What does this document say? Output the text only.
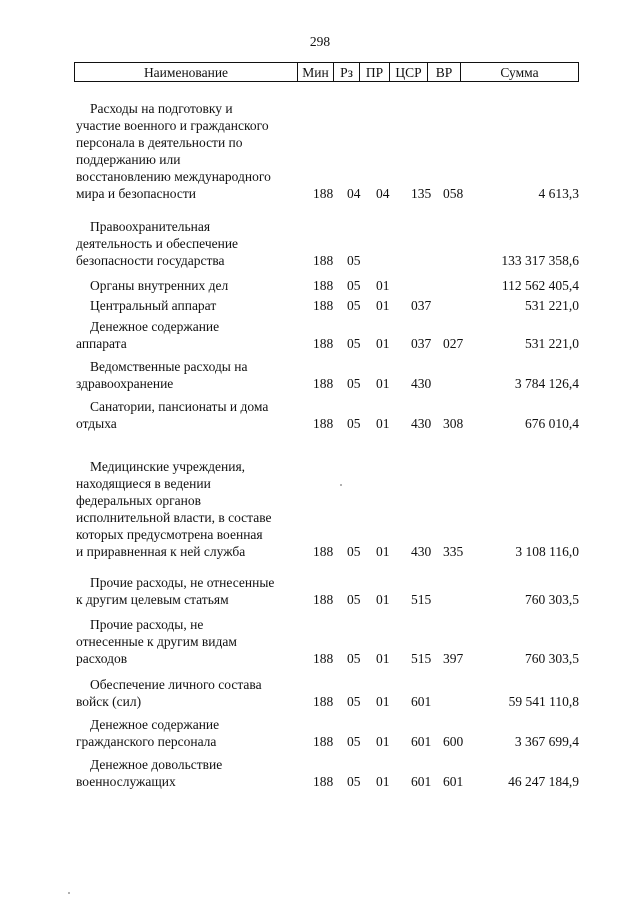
298
Наименование	Мин Рз ПР ЦСР	ВР	Сумма
Расходы на подготовку и
участие военного и гражданского
персонала в деятельности по
поддержанию или
восстановлению международного
мира и безопасности	188 04 04 135 058	4 613,3
Правоохранительная
деятельность и обеспечение
безопасности государства	188 05	133 317 358,6
Органы внутренних дел	188 05 01	112 562 405,4
Центральный аппарат	188 05 01 037	531 221,0
Денежное содержание
аппарата	188 05 01 037 027	531 221,0
Ведомственные расходы на
здравоохранение	188 05 01 430	3 784 126,4
Санатории, пансионаты и дома
отдыха	188 05 01 430 308	676 010,4
Медицинские учреждения,
находящиеся в ведении
федеральных органов
исполнительной власти, в составе
которых предусмотрена военная
и приравненная к ней служба	188 05 01 430 335	3 108 116,0
Прочие расходы, не отнесенные
к другим целевым статьям	188 05 01 515	760 303,5
Прочие расходы, не
отнесенные к другим видам
расходов	188 05 01 515 397	760 303,5
Обеспечение личного состава
войск (сил)	188 05 01 601	59 541 110,8
Денежное содержание
гражданского персонала	188 05 01 601 600	3 367 699,4
Денежное довольствие
военнослужащих	188 05 01 601 601	46 247 184,9
